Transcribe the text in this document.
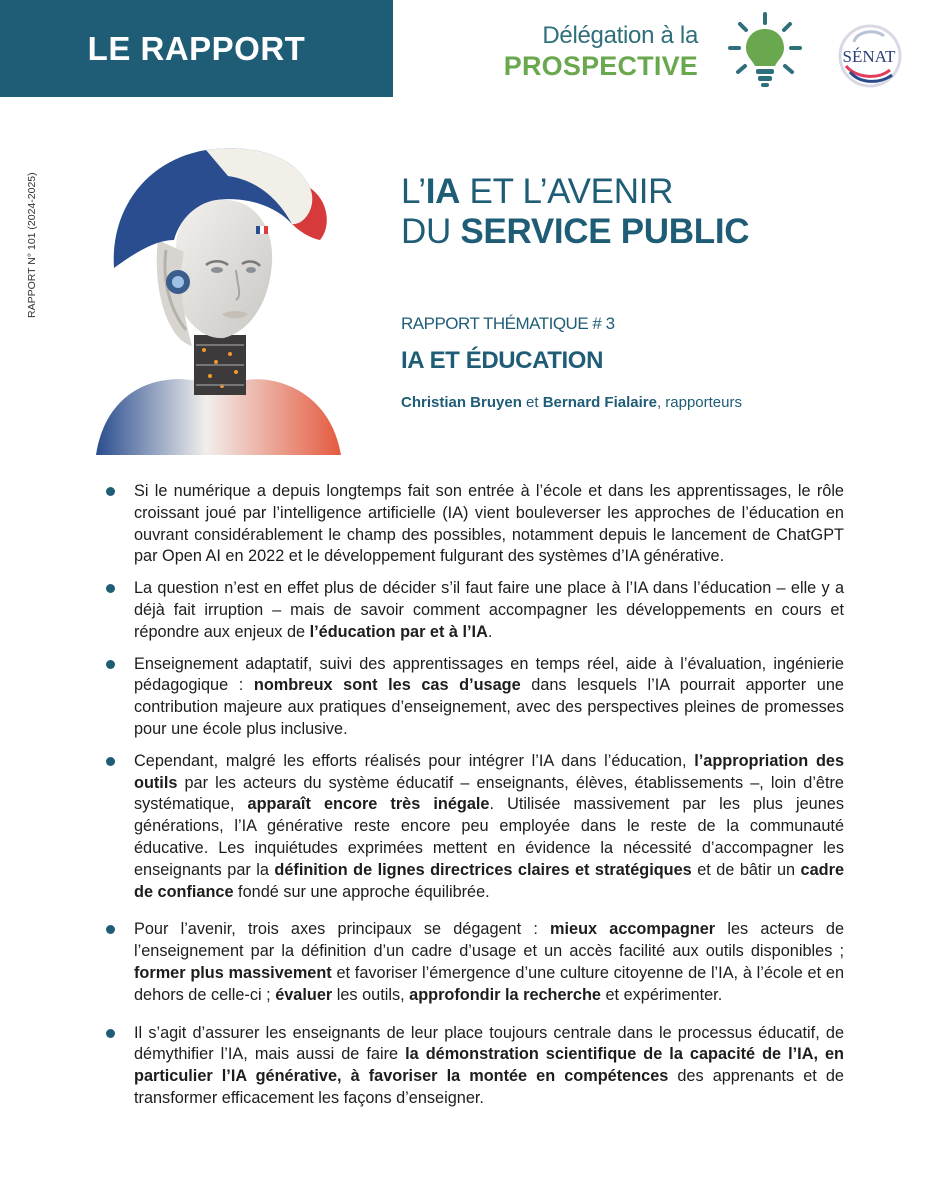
LE RAPPORT	Délégation à la
PROSPECTIVE	SÉNAT
RAPPORT N° 101 (2024-2025)	L’IA ET L’AVENIR
DU SERVICE PUBLIC
RAPPORT THÉMATIQUE # 3
IA ET ÉDUCATION
Christian Bruyen et Bernard Fialaire, rapporteurs

Si le numérique a depuis longtemps fait son entrée à l’école et dans les apprentissages, le rôle croissant joué par l’intelligence artificielle (IA) vient bouleverser les approches de l’éducation en ouvrant considérablement le champ des possibles, notamment depuis le lancement de ChatGPT par Open AI en 2022 et le développement fulgurant des systèmes d’IA générative.

La question n’est en effet plus de décider s’il faut faire une place à l’IA dans l’éducation – elle y a déjà fait irruption – mais de savoir comment accompagner les développements en cours et répondre aux enjeux de l’éducation par et à l’IA.

Enseignement adaptatif, suivi des apprentissages en temps réel, aide à l’évaluation, ingénierie pédagogique : nombreux sont les cas d’usage dans lesquels l’IA pourrait apporter une contribution majeure aux pratiques d’enseignement, avec des perspectives pleines de promesses pour une école plus inclusive.

Cependant, malgré les efforts réalisés pour intégrer l’IA dans l’éducation, l’appropriation des outils par les acteurs du système éducatif – enseignants, élèves, établissements –, loin d’être systématique, apparaît encore très inégale. Utilisée massivement par les plus jeunes générations, l’IA générative reste encore peu employée dans le reste de la communauté éducative. Les inquiétudes exprimées mettent en évidence la nécessité d’accompagner les enseignants par la définition de lignes directrices claires et stratégiques et de bâtir un cadre de confiance fondé sur une approche équilibrée.

Pour l’avenir, trois axes principaux se dégagent : mieux accompagner les acteurs de l’enseignement par la définition d’un cadre d’usage et un accès facilité aux outils disponibles ; former plus massivement et favoriser l’émergence d’une culture citoyenne de l’IA, à l’école et en dehors de celle-ci ; évaluer les outils, approfondir la recherche et expérimenter.

Il s’agit d’assurer les enseignants de leur place toujours centrale dans le processus éducatif, de démythifier l’IA, mais aussi de faire la démonstration scientifique de la capacité de l’IA, en particulier l’IA générative, à favoriser la montée en compétences des apprenants et de transformer efficacement les façons d’enseigner.
